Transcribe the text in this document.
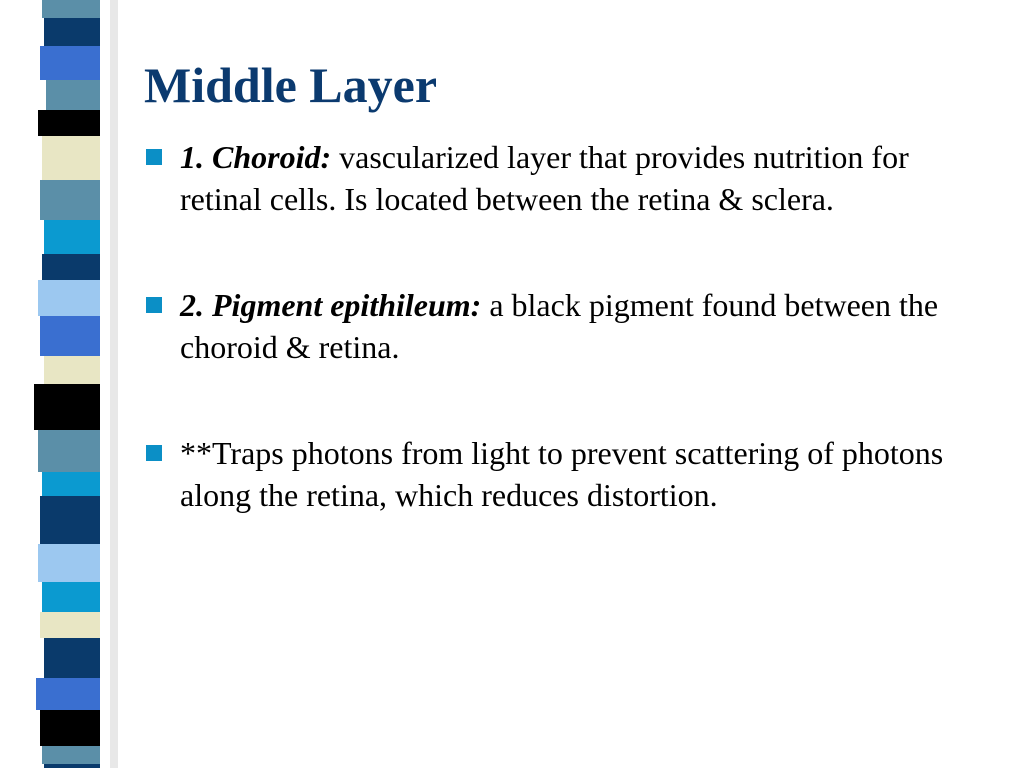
Middle Layer
1. Choroid: vascularized layer that provides nutrition for retinal cells. Is located between the retina & sclera.
2. Pigment epithileum: a black pigment found between the choroid & retina.
**Traps photons from light to prevent scattering of photons along the retina, which reduces distortion.
